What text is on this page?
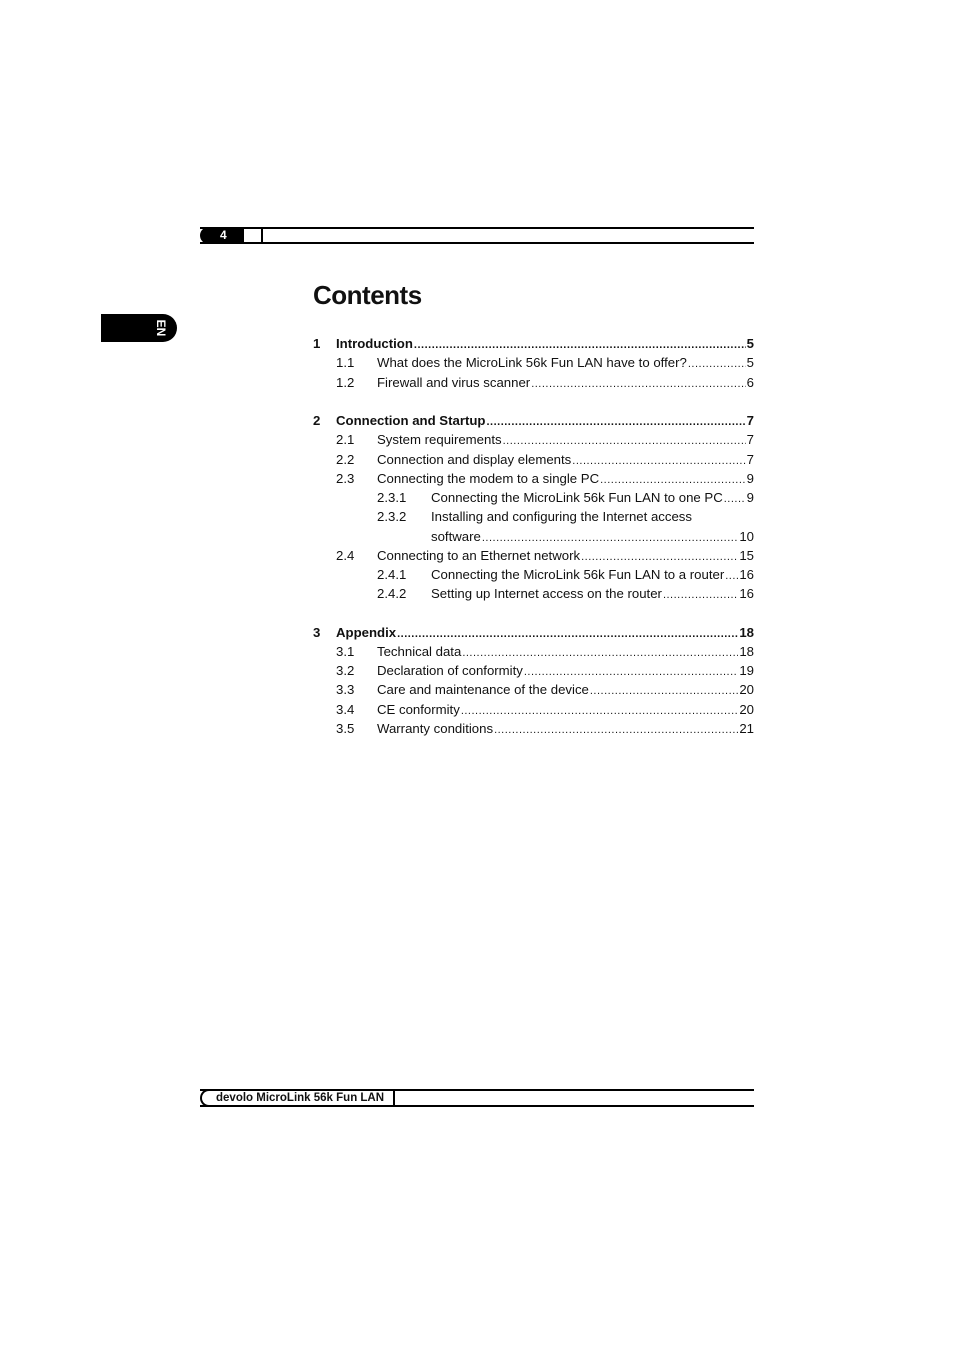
4
EN
Contents
1	Introduction .....	5
1.1	What does the MicroLink 56k Fun LAN have to offer? .....	5
1.2	Firewall and virus scanner .....	6
2	Connection and Startup .....	7
2.1	System requirements .....	7
2.2	Connection and display elements .....	7
2.3	Connecting the modem to a single PC .....	9
2.3.1	Connecting the MicroLink 56k Fun LAN to one PC ..... 9
2.3.2	Installing and configuring the Internet access
software .....	10
2.4	Connecting to an Ethernet network .....	15
2.4.1	Connecting the MicroLink 56k Fun LAN to a router ..... 16
2.4.2	Setting up Internet access on the router .....	16
3	Appendix .....	18
3.1	Technical data .....	18
3.2	Declaration of conformity .....	19
3.3	Care and maintenance of the device .....	20
3.4	CE conformity .....	20
3.5	Warranty conditions .....	21
devolo MicroLink 56k Fun LAN
